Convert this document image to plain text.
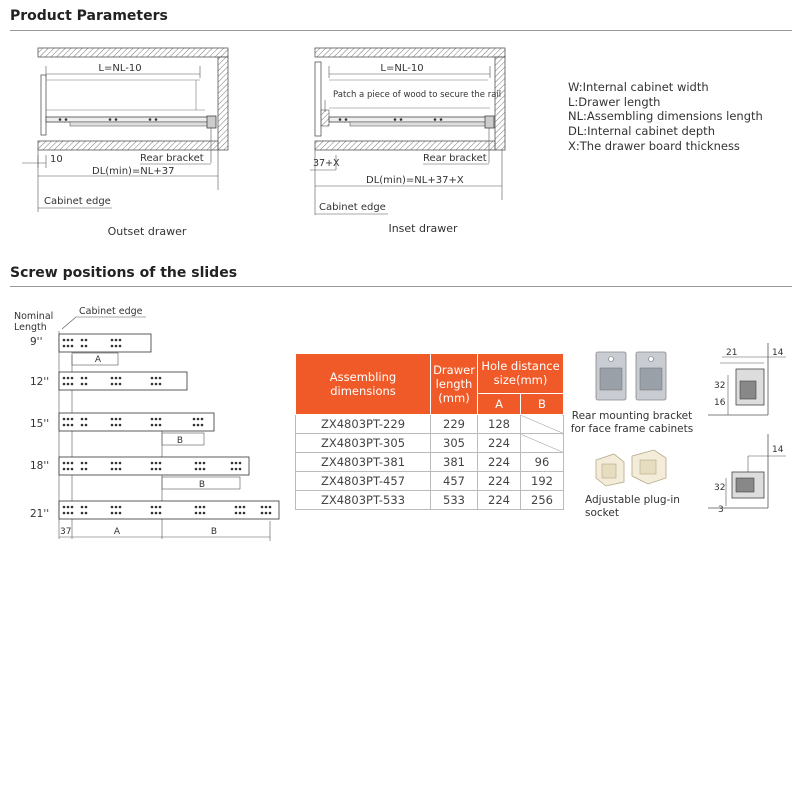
Product Parameters
Screw positions of the slides
L=NL-10
Rear bracket
10
DL(min)=NL+37
Cabinet edge
Outset drawer
L=NL-10
Patch a piece of wood to secure the rail
Rear bracket
37+X
DL(min)=NL+37+X
Cabinet edge
Inset drawer
W:Internal cabinet width
L:Drawer length
NL:Assembling dimensions length
DL:Internal cabinet depth
X:The drawer board thickness
Nominal
Length
Cabinet edge
9''
A
12''
15''
B
18''
B
21''
37	A	B
Assembling dimensions	Drawer length (mm)	Hole distance size(mm)	
		A	B
ZX4803PT-229	229	128	
ZX4803PT-305	305	224	
ZX4803PT-381	381	224	96
ZX4803PT-457	457	224	192
ZX4803PT-533	533	224	256
Rear mounting bracket for face frame cabinets
Adjustable plug-in socket
21	14
32
16
14
32
3
